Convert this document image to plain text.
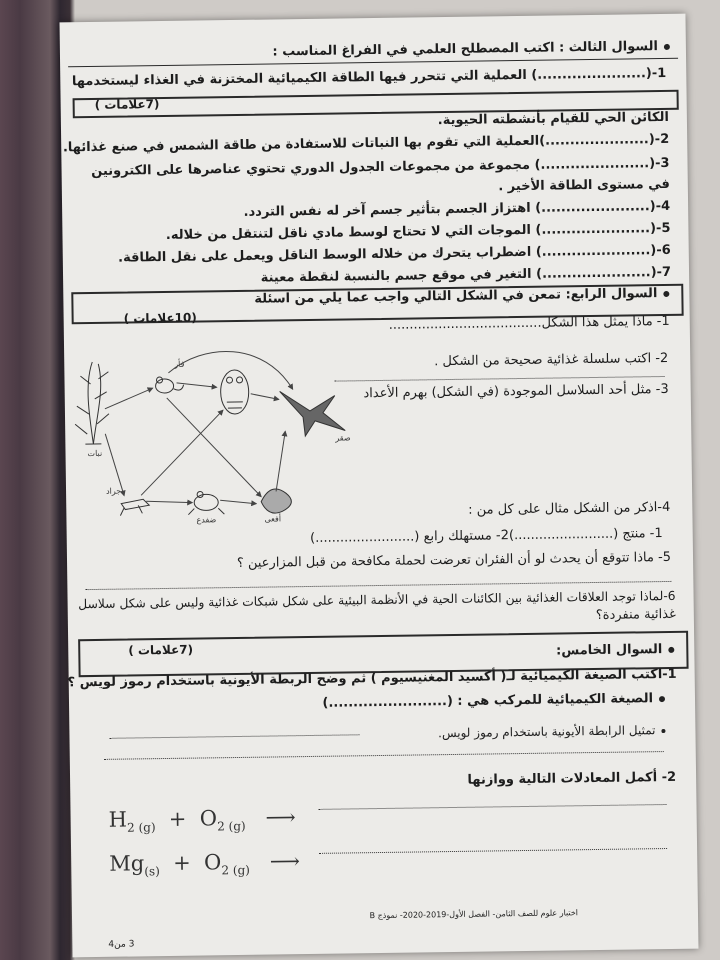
السوال الثالث : اكتب المصطلح العلمي في الفراغ المناسب :
(7علامات )
1-(......................) العملية التي تتحرر فيها الطاقة الكيميائية المختزنة في الغذاء ليستخدمها
الكائن الحي للقيام بأنشطته الحيوية.
2-(.....................)العملية التي تقوم بها النباتات للاستفادة من طاقة الشمس في صنع غذائها.
3-(......................) مجموعة من مجموعات الجدول الدوري تحتوي عناصرها على الكترونين
في مستوى الطاقة الأخير .
4-(......................) اهتزاز الجسم بتأثير جسم آخر له نفس التردد.
5-(......................) الموجات التي لا تحتاج لوسط مادي ناقل لتنتقل من خلاله.
6-(......................) اضطراب يتحرك من خلاله الوسط الناقل ويعمل على نقل الطاقة.
7-(......................) التغير في موقع جسم بالنسبة لنقطة معينة
السوال الرابع: تمعن في الشكل التالي واجب عما يلي من اسئلة
(10علامات )	1- ماذا يمثل هذا الشكل.....................................
2- اكتب سلسلة غذائية صحيحة من الشكل .
3- مثل أحد السلاسل الموجودة (في الشكل) بهرم الأعداد
نبات
فأر
صقر
جراد
ضفدع	أفعى
4-اذكر من الشكل مثال على كل من :
1- منتج (........................)2- مستهلك رابع (........................)
5- ماذا تتوقع أن يحدث لو أن الفئران تعرضت لحملة مكافحة من قبل المزارعين ؟
6-لماذا توجد العلاقات الغذائية بين الكائنات الحية في الأنظمة البيئية على شكل شبكات غذائية وليس على شكل سلاسل
غذائية منفردة؟
السوال الخامس:
(7علامات )
1-اكتب الصيغة الكيميائية لـ( أكسيد المغنيسيوم ) ثم وضح الربطة الأيونية باستخدام رموز لويس ؟
الصيغة الكيميائية للمركب هي : (........................)
تمثيل الرابطة الأيونية باستخدام رموز لويس.
2- أكمل المعادلات التالية ووازنها
$H_{2 (g)} + O_{2 (g)}$ ⟶
$Mg_{(s)} + O_{2 (g)}$ ⟶
اختبار علوم للصف الثامن- الفصل الأول-2019-2020- نموذج B
3 من4
